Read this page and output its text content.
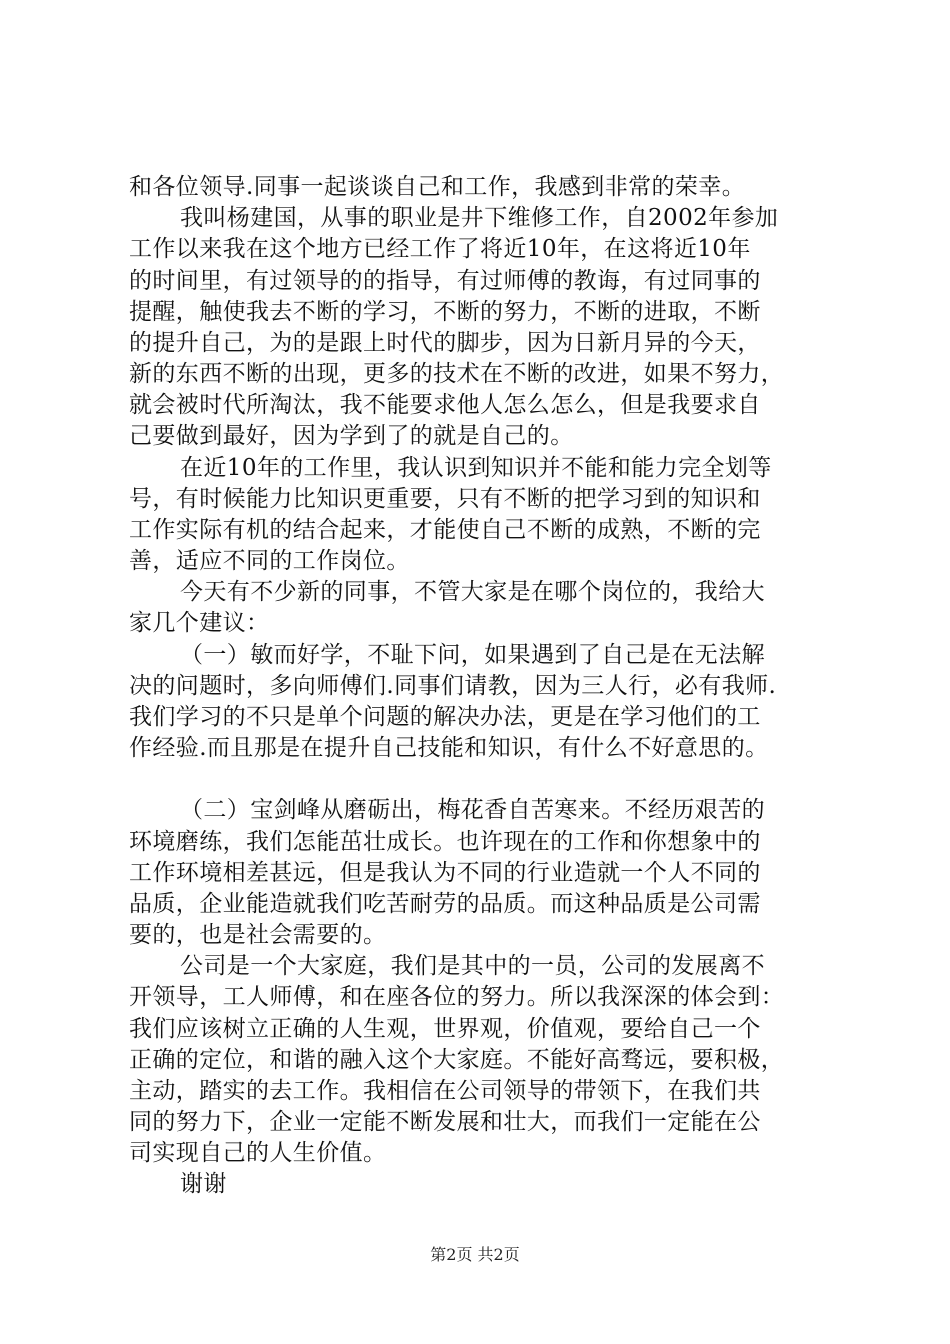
和各位领导.同事一起谈谈自己和工作，我感到非常的荣幸。
我叫杨建国，从事的职业是井下维修工作，自2002年参加
工作以来我在这个地方已经工作了将近10年，在这将近10年
的时间里，有过领导的的指导，有过师傅的教诲，有过同事的
提醒，触使我去不断的学习，不断的努力，不断的进取，不断
的提升自己，为的是跟上时代的脚步，因为日新月异的今天，
新的东西不断的出现，更多的技术在不断的改进，如果不努力，
就会被时代所淘汰，我不能要求他人怎么怎么，但是我要求自
己要做到最好，因为学到了的就是自己的。
在近10年的工作里，我认识到知识并不能和能力完全划等
号，有时候能力比知识更重要，只有不断的把学习到的知识和
工作实际有机的结合起来，才能使自己不断的成熟，不断的完
善，适应不同的工作岗位。
今天有不少新的同事，不管大家是在哪个岗位的，我给大
家几个建议：
（一）敏而好学，不耻下问，如果遇到了自己是在无法解
决的问题时，多向师傅们.同事们请教，因为三人行，必有我师.
我们学习的不只是单个问题的解决办法，更是在学习他们的工
作经验.而且那是在提升自己技能和知识，有什么不好意思的。
（二）宝剑峰从磨砺出，梅花香自苦寒来。不经历艰苦的
环境磨练，我们怎能茁壮成长。也许现在的工作和你想象中的
工作环境相差甚远，但是我认为不同的行业造就一个人不同的
品质，企业能造就我们吃苦耐劳的品质。而这种品质是公司需
要的，也是社会需要的。
公司是一个大家庭，我们是其中的一员，公司的发展离不
开领导，工人师傅，和在座各位的努力。所以我深深的体会到：
我们应该树立正确的人生观，世界观，价值观，要给自己一个
正确的定位，和谐的融入这个大家庭。不能好高骛远，要积极，
主动，踏实的去工作。我相信在公司领导的带领下，在我们共
同的努力下，企业一定能不断发展和壮大，而我们一定能在公
司实现自己的人生价值。
谢谢
第2页 共2页
